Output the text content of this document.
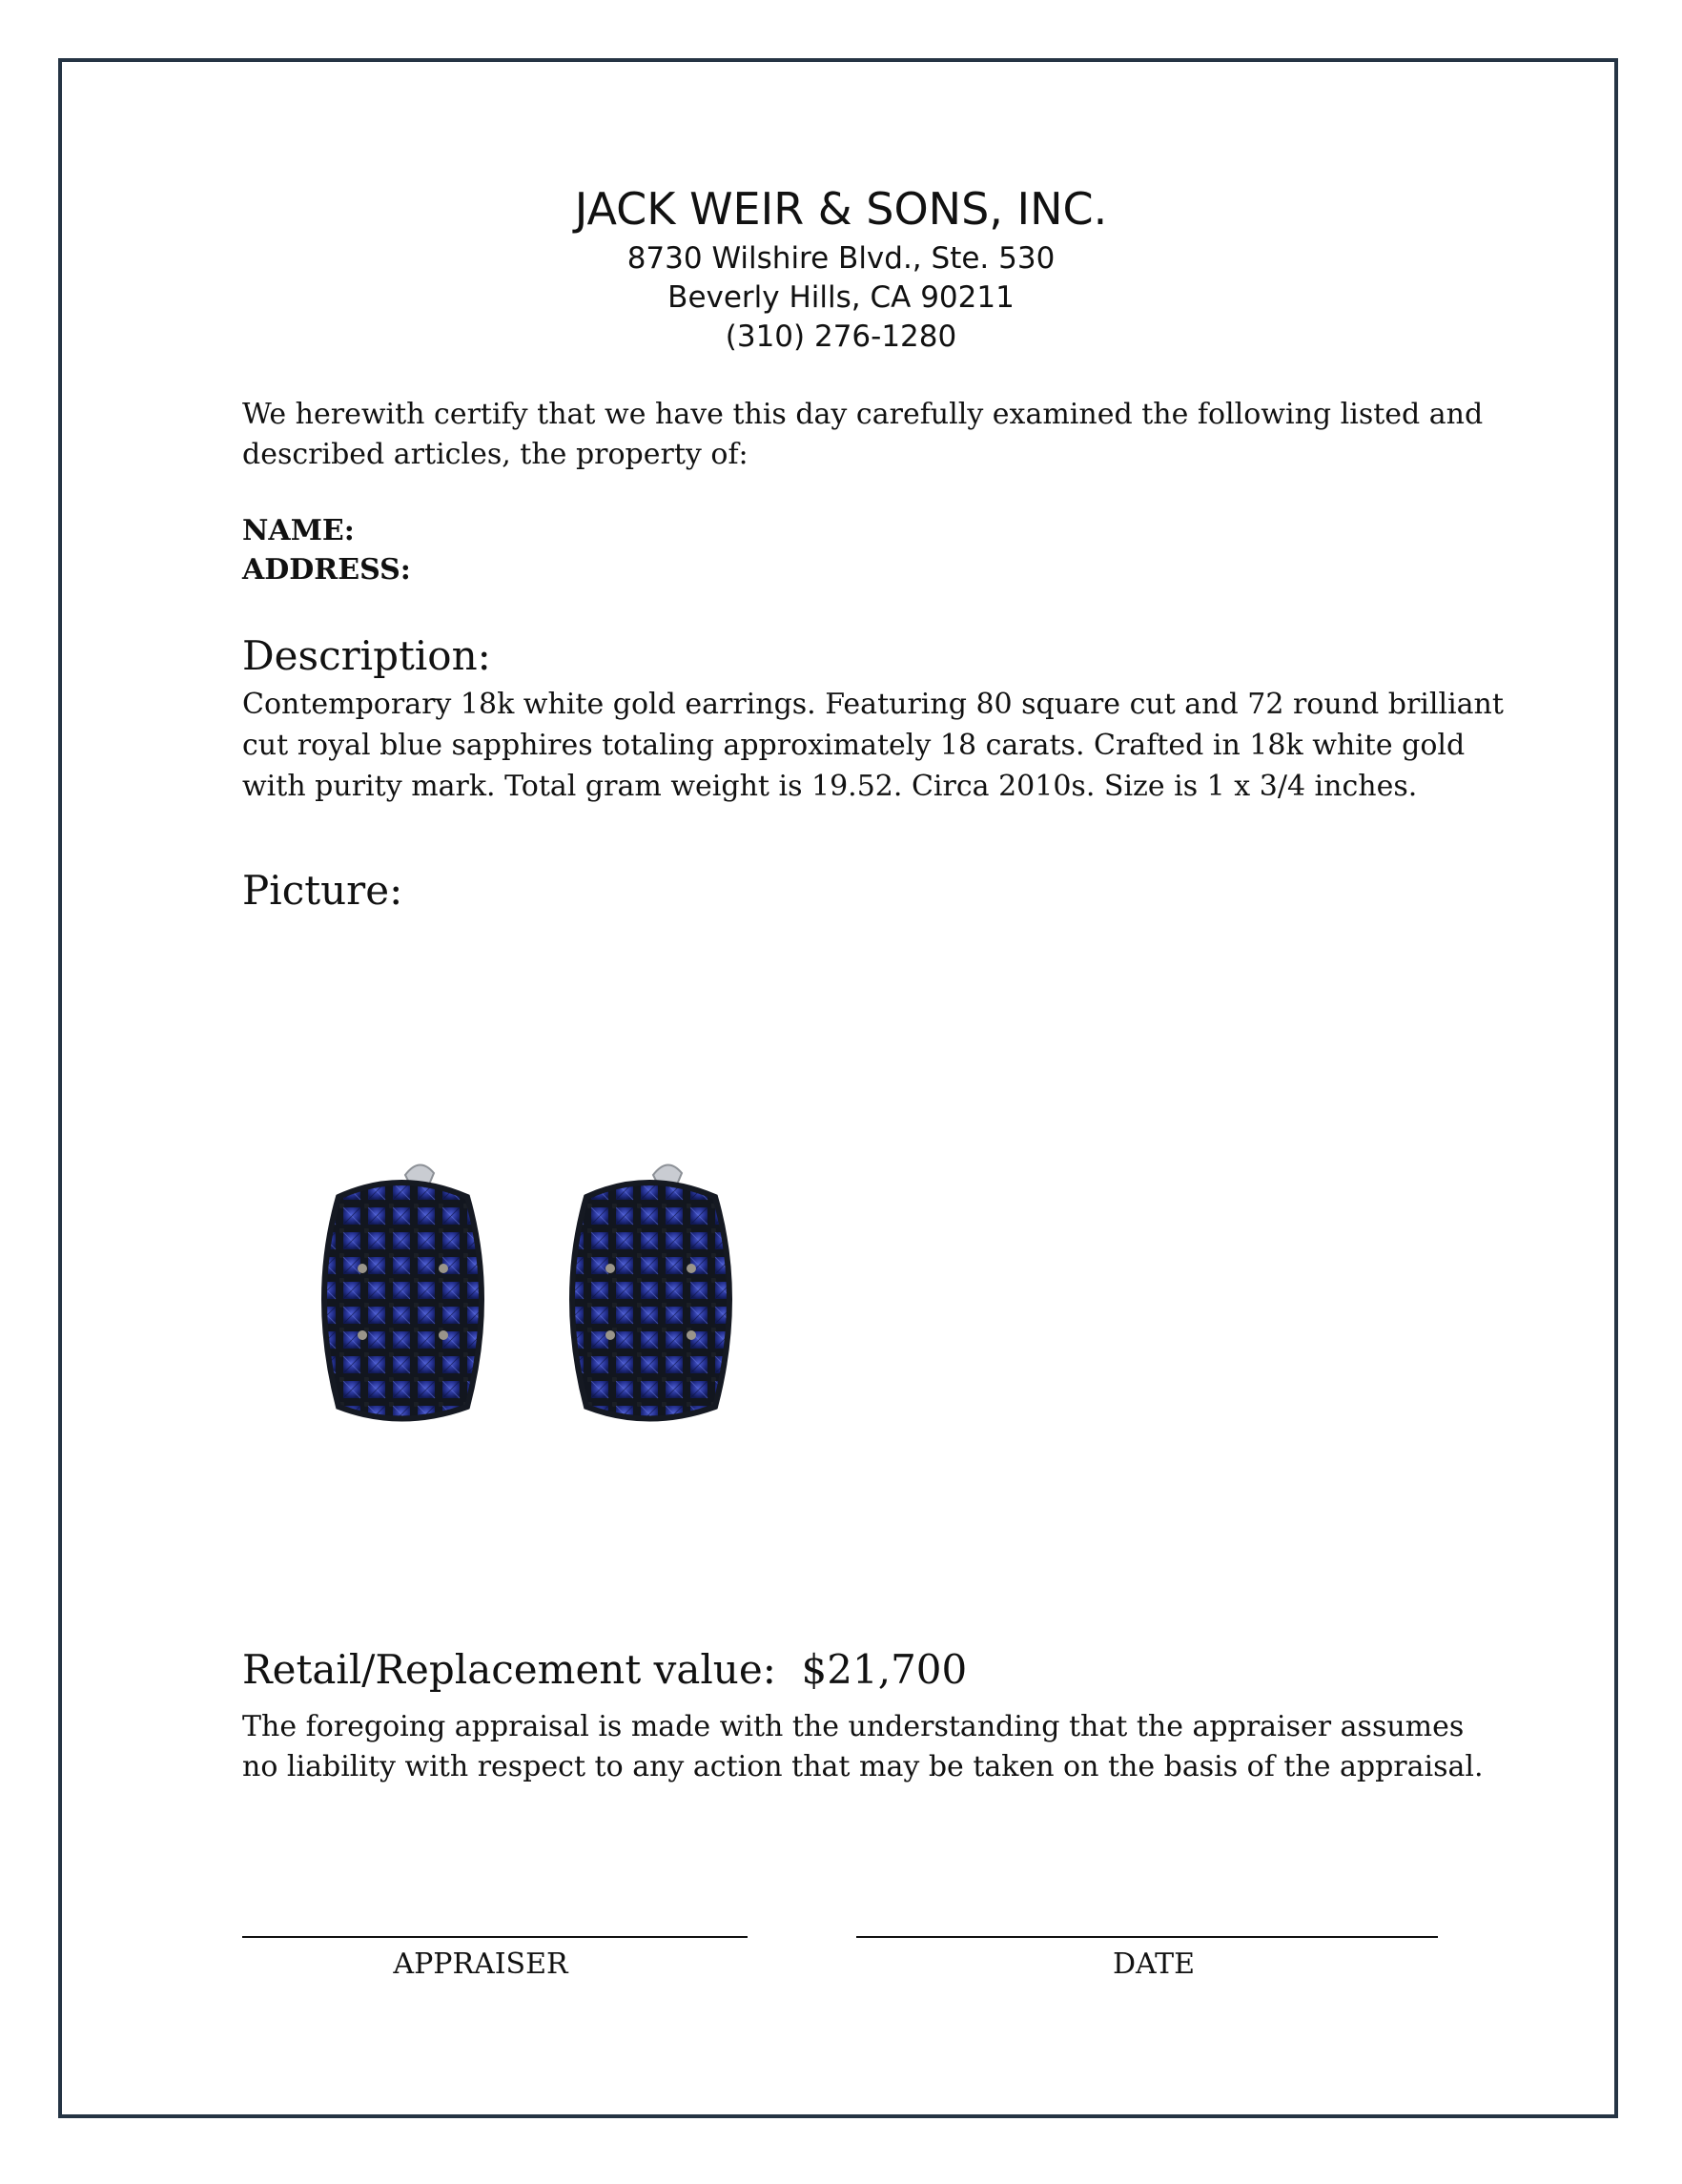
JACK WEIR & SONS, INC.
8730 Wilshire Blvd., Ste. 530
Beverly Hills, CA 90211
(310) 276-1280
We herewith certify that we have this day carefully examined the following listed and
described articles, the property of:
NAME:
ADDRESS:
Description:
Contemporary 18k white gold earrings. Featuring 80 square cut and 72 round brilliant
cut royal blue sapphires totaling approximately 18 carats. Crafted in 18k white gold
with purity mark. Total gram weight is 19.52. Circa 2010s. Size is 1 x 3/4 inches.
Picture:
Retail/Replacement value: $21,700
The foregoing appraisal is made with the understanding that the appraiser assumes
no liability with respect to any action that may be taken on the basis of the appraisal.
APPRAISER	DATE
